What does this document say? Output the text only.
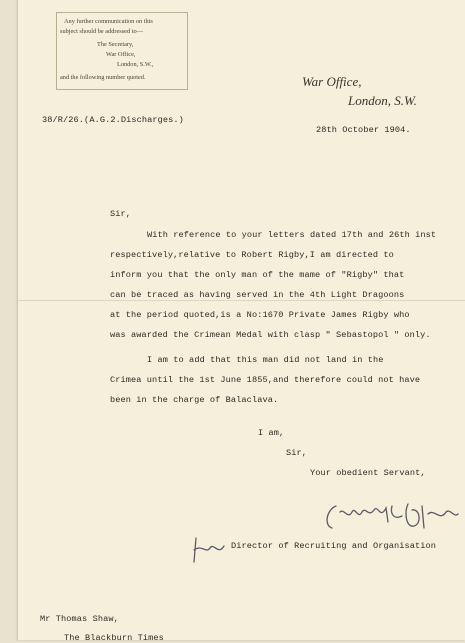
Any further communication on this
subject should be addressed to—
The Secretary,
War Office,
London, S.W.,
and the following number quoted.	War Office,
London, S.W.
38/R/26.(A.G.2.Discharges.)
28th October 1904.
Sir,
With reference to your letters dated 17th and 26th inst
respectively,relative to Robert Rigby,I am directed to
inform you that the only man of the mame of "Rigby" that
can be traced as having served in the 4th Light Dragoons
at the period quoted,is a No:1670 Private James Rigby who
was awarded the Crimean Medal with clasp " Sebastopol " only.
I am to add that this man did not land in the
Crimea until the 1st June 1855,and therefore could not have
been in the charge of Balaclava.
I am,
Sir,
Your obedient Servant,
Director of Recruiting and Organisation
Mr Thomas Shaw,
The Blackburn Times
